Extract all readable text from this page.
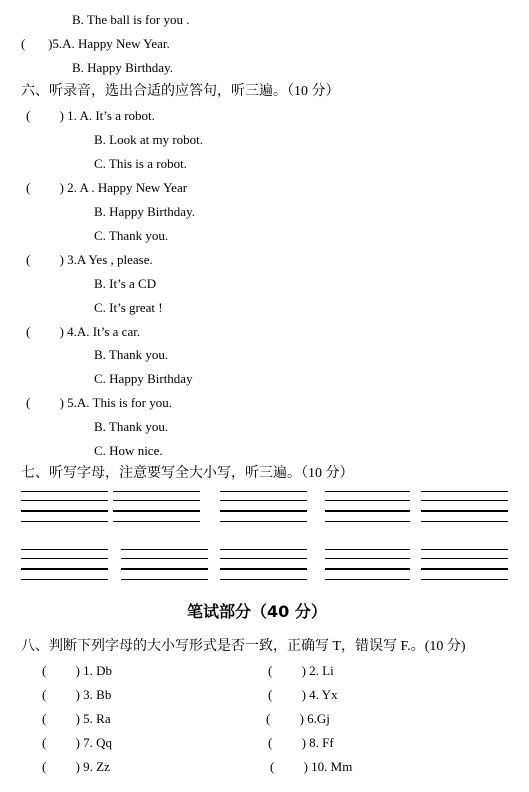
B. The ball is for you .
(       )5.A. Happy New Year.
B. Happy Birthday.
六、听录音，选出合适的应答句，听三遍。（10 分）
(         ) 1. A. It’s a robot.
B. Look at my robot.
C. This is a robot.
(         ) 2. A . Happy New Year
B. Happy Birthday.
C. Thank you.
(         ) 3.A Yes , please.
B. It’s a CD
C. It’s great !
(         ) 4.A. It’s a car.
B. Thank you.
C. Happy Birthday
(         ) 5.A. This is for you.
B. Thank you.
C. How nice.
七、听写字母，注意要写全大小写，听三遍。（10 分）
笔试部分（40 分）
八、判断下列字母的大小写形式是否一致，正确写 T，错误写 F.。(10 分)
(         ) 1. Db	(         ) 2. Li
(         ) 3. Bb	(         ) 4. Yx
(         ) 5. Ra	(         ) 6.Gj
(         ) 7. Qq	(         ) 8. Ff
(         ) 9. Zz	(         ) 10. Mm
